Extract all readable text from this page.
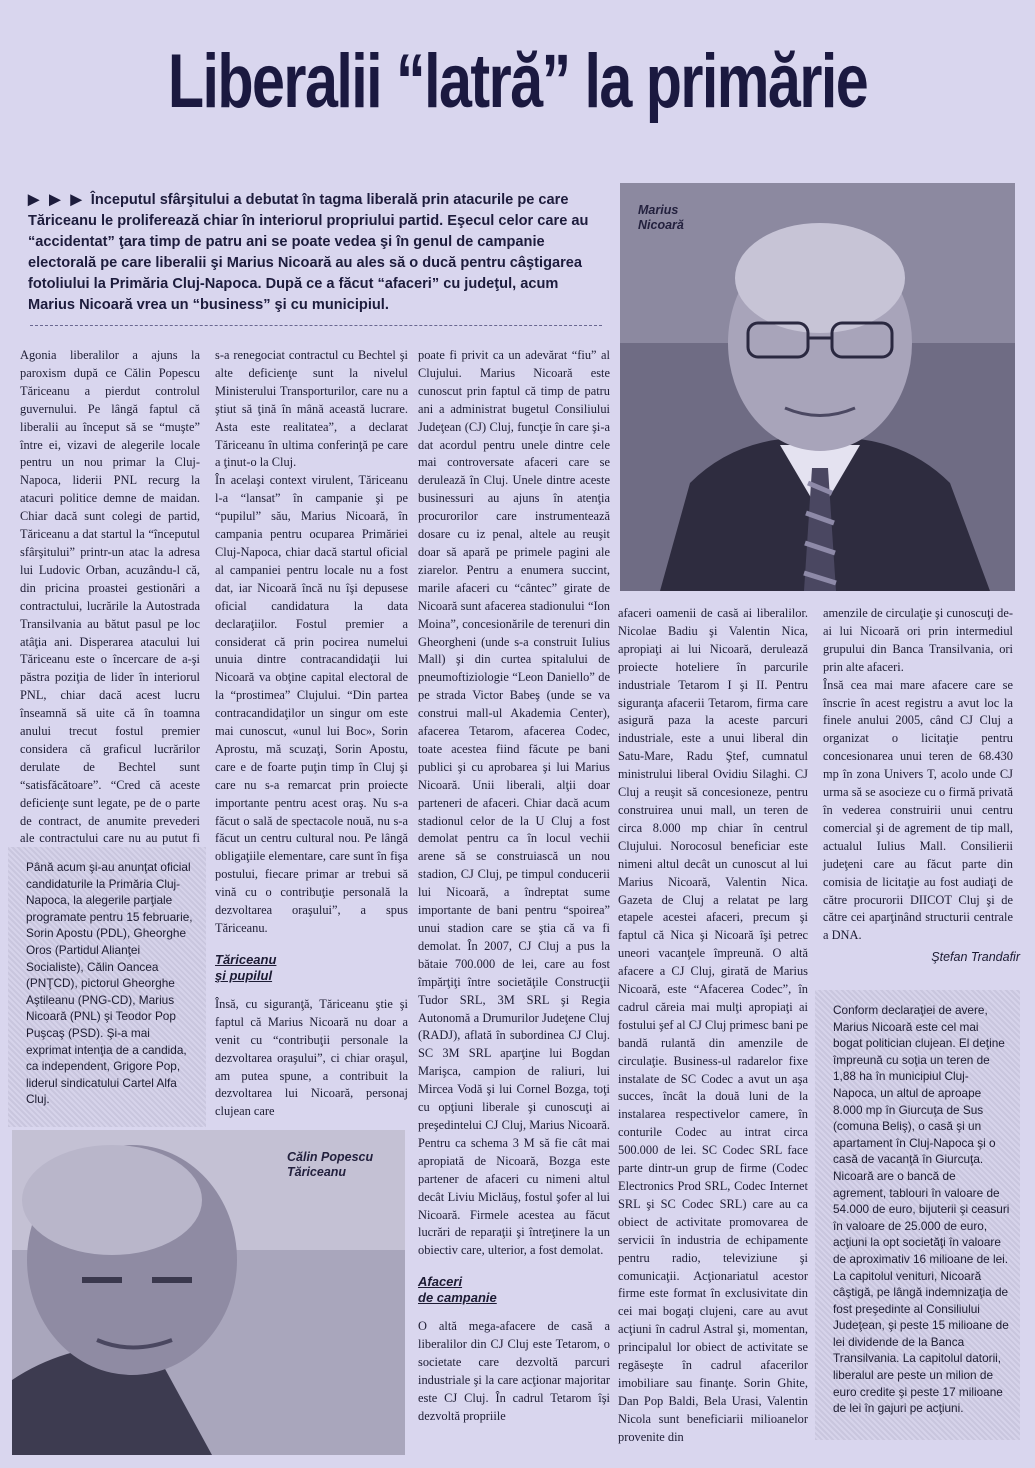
Liberalii “latră” la primărie
▶ ▶ ▶ Începutul sfârşitului a debutat în tagma liberală prin atacurile pe care Tăriceanu le proliferează chiar în interiorul propriului partid. Eşecul celor care au “accidentat” ţara timp de patru ani se poate vedea şi în genul de campanie electorală pe care liberalii şi Marius Nicoară au ales să o ducă pentru câştigarea fotoliului la Primăria Cluj-Napoca. După ce a făcut “afaceri” cu judeţul, acum Marius Nicoară vrea un “business” şi cu municipiul.
Marius
Nicoară
Agonia liberalilor a ajuns la paroxism după ce Călin Popescu Tăriceanu a pierdut controlul guvernului. Pe lângă faptul că liberalii au început să se “muşte” între ei, vizavi de alegerile locale pentru un nou primar la Cluj-Napoca, liderii PNL recurg la atacuri politice demne de maidan. Chiar dacă sunt colegi de partid, Tăriceanu a dat startul la “începutul sfârşitului” printr-un atac la adresa lui Ludovic Orban, acuzându-l că, din pricina proastei gestionări a contractului, lucrările la Autostrada Transilvania au bătut pasul pe loc atâţia ani. Disperarea atacului lui Tăriceanu este o încercare de a-şi păstra poziţia de lider în interiorul PNL, chiar dacă acest lucru înseamnă să uite că în toamna anului trecut fostul premier considera că graficul lucrărilor derulate de Bechtel sunt “satisfăcătoare”. “Cred că aceste deficienţe sunt legate, pe de o parte de contract, de anumite prevederi ale contractului care nu au putut fi
s-a renegociat contractul cu Bechtel şi alte deficienţe sunt la nivelul Ministerului Transporturilor, care nu a ştiut să ţină în mână această lucrare. Asta este realitatea”, a declarat Tăriceanu în ultima conferinţă pe care a ţinut-o la Cluj.
În acelaşi context virulent, Tăriceanu l-a “lansat” în campanie şi pe “pupilul” său, Marius Nicoară, în campania pentru ocuparea Primăriei Cluj-Napoca, chiar dacă startul oficial al campaniei pentru locale nu a fost dat, iar Nicoară încă nu îşi depusese oficial candidatura la data declaraţiilor. Fostul premier a considerat că prin pocirea numelui unuia dintre contracandidaţii lui Nicoară va obţine capital electoral de la “prostimea” Clujului. “Din partea contracandidaţilor un singur om este mai cunoscut, «unul lui Boc», Sorin Aprostu, mă scuzaţi, Sorin Apostu, care e de foarte puţin timp în Cluj şi care nu s-a remarcat prin proiecte importante pentru acest oraş. Nu s-a făcut o sală de spectacole nouă, nu s-a făcut un centru cultural nou. Pe lângă obligaţiile elementare, care sunt în fişa postului, fiecare primar ar trebui să vină cu o contribuţie personală la dezvoltarea oraşului”, a spus Tăriceanu.
Tăriceanu
şi pupilul
Însă, cu siguranţă, Tăriceanu ştie şi faptul că Marius Nicoară nu doar a venit cu “contribuţii personale la dezvoltarea oraşului”, ci chiar oraşul, am putea spune, a contribuit la dezvoltarea lui Nicoară, personaj clujean care
poate fi privit ca un adevărat “fiu” al Clujului. Marius Nicoară este cunoscut prin faptul că timp de patru ani a administrat bugetul Consiliului Judeţean (CJ) Cluj, funcţie în care şi-a dat acordul pentru unele dintre cele mai controversate afaceri care se derulează în Cluj. Unele dintre aceste businessuri au ajuns în atenţia procurorilor care instrumentează dosare cu iz penal, altele au reuşit doar să apară pe primele pagini ale ziarelor. Pentru a enumera succint, marile afaceri cu “cântec” girate de Nicoară sunt afacerea stadionului “Ion Moina”, concesionările de terenuri din Gheorgheni (unde s-a construit Iulius Mall) şi din curtea spitalului de pneumoftiziologie “Leon Daniello” de pe strada Victor Babeş (unde se va construi mall-ul Akademia Center), afacerea Tetarom, afacerea Codec, toate acestea fiind făcute pe bani publici şi cu aprobarea şi lui Marius Nicoară. Unii liberali, alţii doar parteneri de afaceri. Chiar dacă acum stadionul celor de la U Cluj a fost demolat pentru ca în locul vechii arene să se construiască un nou stadion, CJ Cluj, pe timpul conducerii lui Nicoară, a îndreptat sume importante de bani pentru “spoirea” unui stadion care se ştia că va fi demolat. În 2007, CJ Cluj a pus la bătaie 700.000 de lei, care au fost împărţiţi între societăţile Construcţii Tudor SRL, 3M SRL şi Regia Autonomă a Drumurilor Judeţene Cluj (RADJ), aflată în subordinea CJ Cluj. SC 3M SRL aparţine lui Bogdan Marişca, campion de raliuri, lui Mircea Vodă şi lui Cornel Bozga, toţi cu opţiuni liberale şi cunoscuţi ai preşedintelui CJ Cluj, Marius Nicoară. Pentru ca schema 3 M să fie cât mai apropiată de Nicoară, Bozga este partener de afaceri cu nimeni altul decât Liviu Miclăuş, fostul şofer al lui Nicoară. Firmele acestea au făcut lucrări de reparaţii şi întreţinere la un obiectiv care, ulterior, a fost demolat.
Afaceri
de campanie
O altă mega-afacere de casă a liberalilor din CJ Cluj este Tetarom, o societate care dezvoltă parcuri industriale şi la care acţionar majoritar este CJ Cluj. În cadrul Tetarom îşi dezvoltă propriile
afaceri oamenii de casă ai liberalilor. Nicolae Badiu şi Valentin Nica, apropiaţi ai lui Nicoară, derulează proiecte hoteliere în parcurile industriale Tetarom I şi II. Pentru siguranţa afacerii Tetarom, firma care asigură paza la aceste parcuri industriale, este a unui liberal din Satu-Mare, Radu Ştef, cumnatul ministrului liberal Ovidiu Silaghi. CJ Cluj a reuşit să concesioneze, pentru construirea unui mall, un teren de circa 8.000 mp chiar în centrul Clujului. Norocosul beneficiar este nimeni altul decât un cunoscut al lui Marius Nicoară, Valentin Nica. Gazeta de Cluj a relatat pe larg etapele acestei afaceri, precum şi faptul că Nica şi Nicoară îşi petrec uneori vacanţele împreună. O altă afacere a CJ Cluj, girată de Marius Nicoară, este “Afacerea Codec”, în cadrul căreia mai mulţi apropiaţi ai fostului şef al CJ Cluj primesc bani pe bandă rulantă din amenzile de circulaţie. Business-ul radarelor fixe instalate de SC Codec a avut un aşa succes, încât la două luni de la instalarea respectivelor camere, în conturile Codec au intrat circa 500.000 de lei. SC Codec SRL face parte dintr-un grup de firme (Codec Electronics Prod SRL, Codec Internet SRL şi SC Codec SRL) care au ca obiect de activitate promovarea de servicii în industria de echipamente pentru radio, televiziune şi comunicaţii. Acţionariatul acestor firme este format în exclusivitate din cei mai bogaţi clujeni, care au avut acţiuni în cadrul Astral şi, momentan, principalul lor obiect de activitate se regăseşte în cadrul afacerilor imobiliare sau finanţe. Sorin Ghite, Dan Pop Baldi, Bela Urasi, Valentin Nicola sunt beneficiarii milioanelor provenite din
amenzile de circulaţie şi cunoscuţi de-ai lui Nicoară ori prin intermediul grupului din Banca Transilvania, ori prin alte afaceri.
Însă cea mai mare afacere care se înscrie în acest registru a avut loc la finele anului 2005, când CJ Cluj a organizat o licitaţie pentru concesionarea unui teren de 68.430 mp în zona Univers T, acolo unde CJ urma să se asocieze cu o firmă privată în vederea construirii unui centru comercial şi de agrement de tip mall, actualul Iulius Mall. Consilierii judeţeni care au făcut parte din comisia de licitaţie au fost audiaţi de către procurorii DIICOT Cluj şi de către cei aparţinând structurii centrale a DNA.
Ştefan Trandafir
Până acum şi-au anunţat oficial candidaturile la Primăria Cluj-Napoca, la alegerile parţiale programate pentru 15 februarie, Sorin Apostu (PDL), Gheorghe Oros (Partidul Alianţei Socialiste), Călin Oancea (PNŢCD), pictorul Gheorghe Aştileanu (PNG-CD), Marius Nicoară (PNL) şi Teodor Pop Puşcaş (PSD). Şi-a mai exprimat intenţia de a candida, ca independent, Grigore Pop, liderul sindicatului Cartel Alfa Cluj.
Conform declaraţiei de avere, Marius Nicoară este cel mai bogat politician clujean. El deţine împreună cu soţia un teren de 1,88 ha în municipiul Cluj-Napoca, un altul de aproape 8.000 mp în Giurcuţa de Sus (comuna Beliş), o casă şi un apartament în Cluj-Napoca şi o casă de vacanţă în Giurcuţa. Nicoară are o bancă de agrement, tablouri în valoare de 54.000 de euro, bijuterii şi ceasuri în valoare de 25.000 de euro, acţiuni la opt societăţi în valoare de aproximativ 16 milioane de lei. La capitolul venituri, Nicoară câştigă, pe lângă indemnizaţia de fost preşedinte al Consiliului Judeţean, şi peste 15 milioane de lei dividende de la Banca Transilvania. La capitolul datorii, liberalul are peste un milion de euro credite şi peste 17 milioane de lei în gajuri pe acţiuni.
Călin Popescu
Tăriceanu
